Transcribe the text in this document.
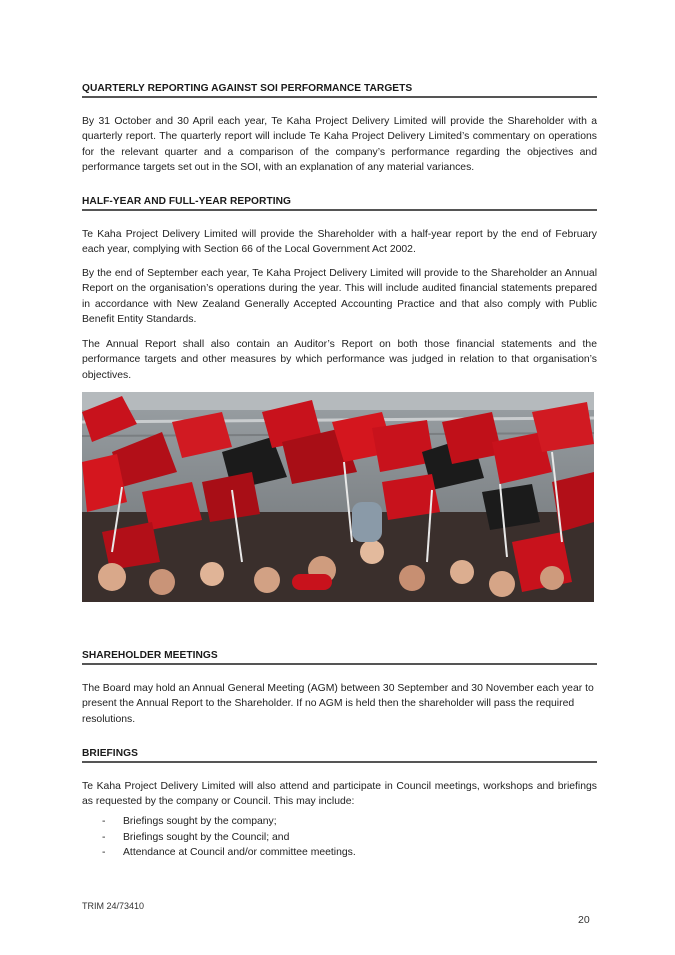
QUARTERLY REPORTING AGAINST SOI PERFORMANCE TARGETS
By 31 October and 30 April each year, Te Kaha Project Delivery Limited will provide the Shareholder with a quarterly report. The quarterly report will include Te Kaha Project Delivery Limited’s commentary on operations for the relevant quarter and a comparison of the company’s performance regarding the objectives and performance targets set out in the SOI, with an explanation of any material variances.
HALF-YEAR AND FULL-YEAR REPORTING
Te Kaha Project Delivery Limited will provide the Shareholder with a half-year report by the end of February each year, complying with Section 66 of the Local Government Act 2002.
By the end of September each year, Te Kaha Project Delivery Limited will provide to the Shareholder an Annual Report on the organisation’s operations during the year. This will include audited financial statements prepared in accordance with New Zealand Generally Accepted Accounting Practice and that also comply with Public Benefit Entity Standards.
The Annual Report shall also contain an Auditor’s Report on both those financial statements and the performance targets and other measures by which performance was judged in relation to that organisation’s objectives.
SHAREHOLDER MEETINGS
The Board may hold an Annual General Meeting (AGM) between 30 September and 30 November each year to present the Annual Report to the Shareholder. If no AGM is held then the shareholder will pass the required resolutions.
BRIEFINGS
Te Kaha Project Delivery Limited will also attend and participate in Council meetings, workshops and briefings as requested by the company or Council. This may include:
- Briefings sought by the company;
- Briefings sought by the Council; and
- Attendance at Council and/or committee meetings.
TRIM 24/73410
20
